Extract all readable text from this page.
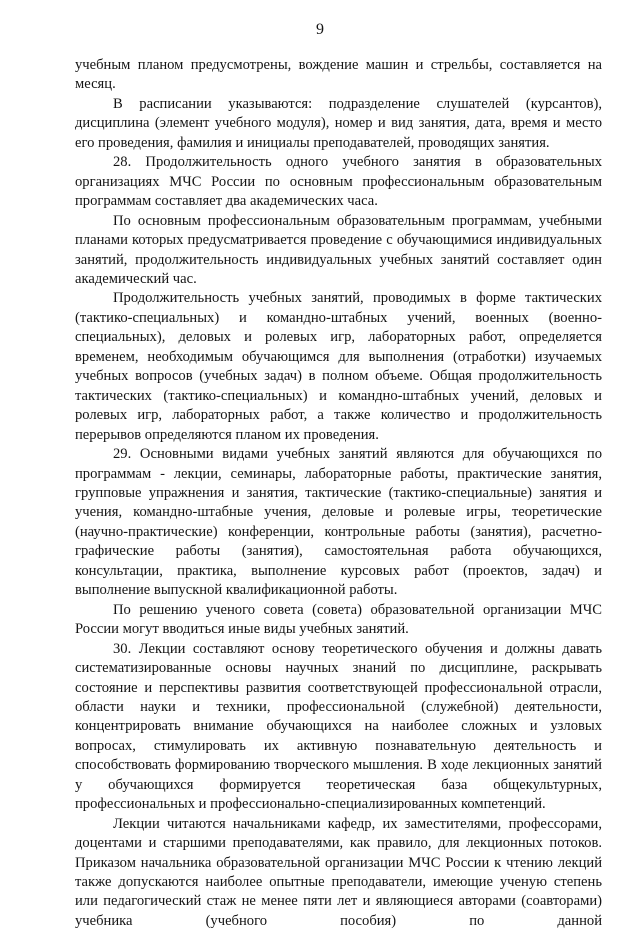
9

учебным планом предусмотрены, вождение машин и стрельбы, составляется на месяц.

В расписании указываются: подразделение слушателей (курсантов), дисциплина (элемент учебного модуля), номер и вид занятия, дата, время и место его проведения, фамилия и инициалы преподавателей, проводящих занятия.

28. Продолжительность одного учебного занятия в образовательных организациях МЧС России по основным профессиональным образовательным программам составляет два академических часа.

По основным профессиональным образовательным программам, учебными планами которых предусматривается проведение с обучающимися индивидуальных занятий, продолжительность индивидуальных учебных занятий составляет один академический час.

Продолжительность учебных занятий, проводимых в форме тактических (тактико-специальных) и командно-штабных учений, военных (военно-специальных), деловых и ролевых игр, лабораторных работ, определяется временем, необходимым обучающимся для выполнения (отработки) изучаемых учебных вопросов (учебных задач) в полном объеме. Общая продолжительность тактических (тактико-специальных) и командно-штабных учений, деловых и ролевых игр, лабораторных работ, а также количество и продолжительность перерывов определяются планом их проведения.

29. Основными видами учебных занятий являются для обучающихся по программам - лекции, семинары, лабораторные работы, практические занятия, групповые упражнения и занятия, тактические (тактико-специальные) занятия и учения, командно-штабные учения, деловые и ролевые игры, теоретические (научно-практические) конференции, контрольные работы (занятия), расчетно-графические работы (занятия), самостоятельная работа обучающихся, консультации, практика, выполнение курсовых работ (проектов, задач) и выполнение выпускной квалификационной работы.

По решению ученого совета (совета) образовательной организации МЧС России могут вводиться иные виды учебных занятий.

30. Лекции составляют основу теоретического обучения и должны давать систематизированные основы научных знаний по дисциплине, раскрывать состояние и перспективы развития соответствующей профессиональной отрасли, области науки и техники, профессиональной (служебной) деятельности, концентрировать внимание обучающихся на наиболее сложных и узловых вопросах, стимулировать их активную познавательную деятельность и способствовать формированию творческого мышления. В ходе лекционных занятий у обучающихся формируется теоретическая база общекультурных, профессиональных и профессионально-специализированных компетенций.

Лекции читаются начальниками кафедр, их заместителями, профессорами, доцентами и старшими преподавателями, как правило, для лекционных потоков. Приказом начальника образовательной организации МЧС России к чтению лекций также допускаются наиболее опытные преподаватели, имеющие ученую степень или педагогический стаж не менее пяти лет и являющиеся авторами (соавторами) учебника (учебного пособия) по данной
